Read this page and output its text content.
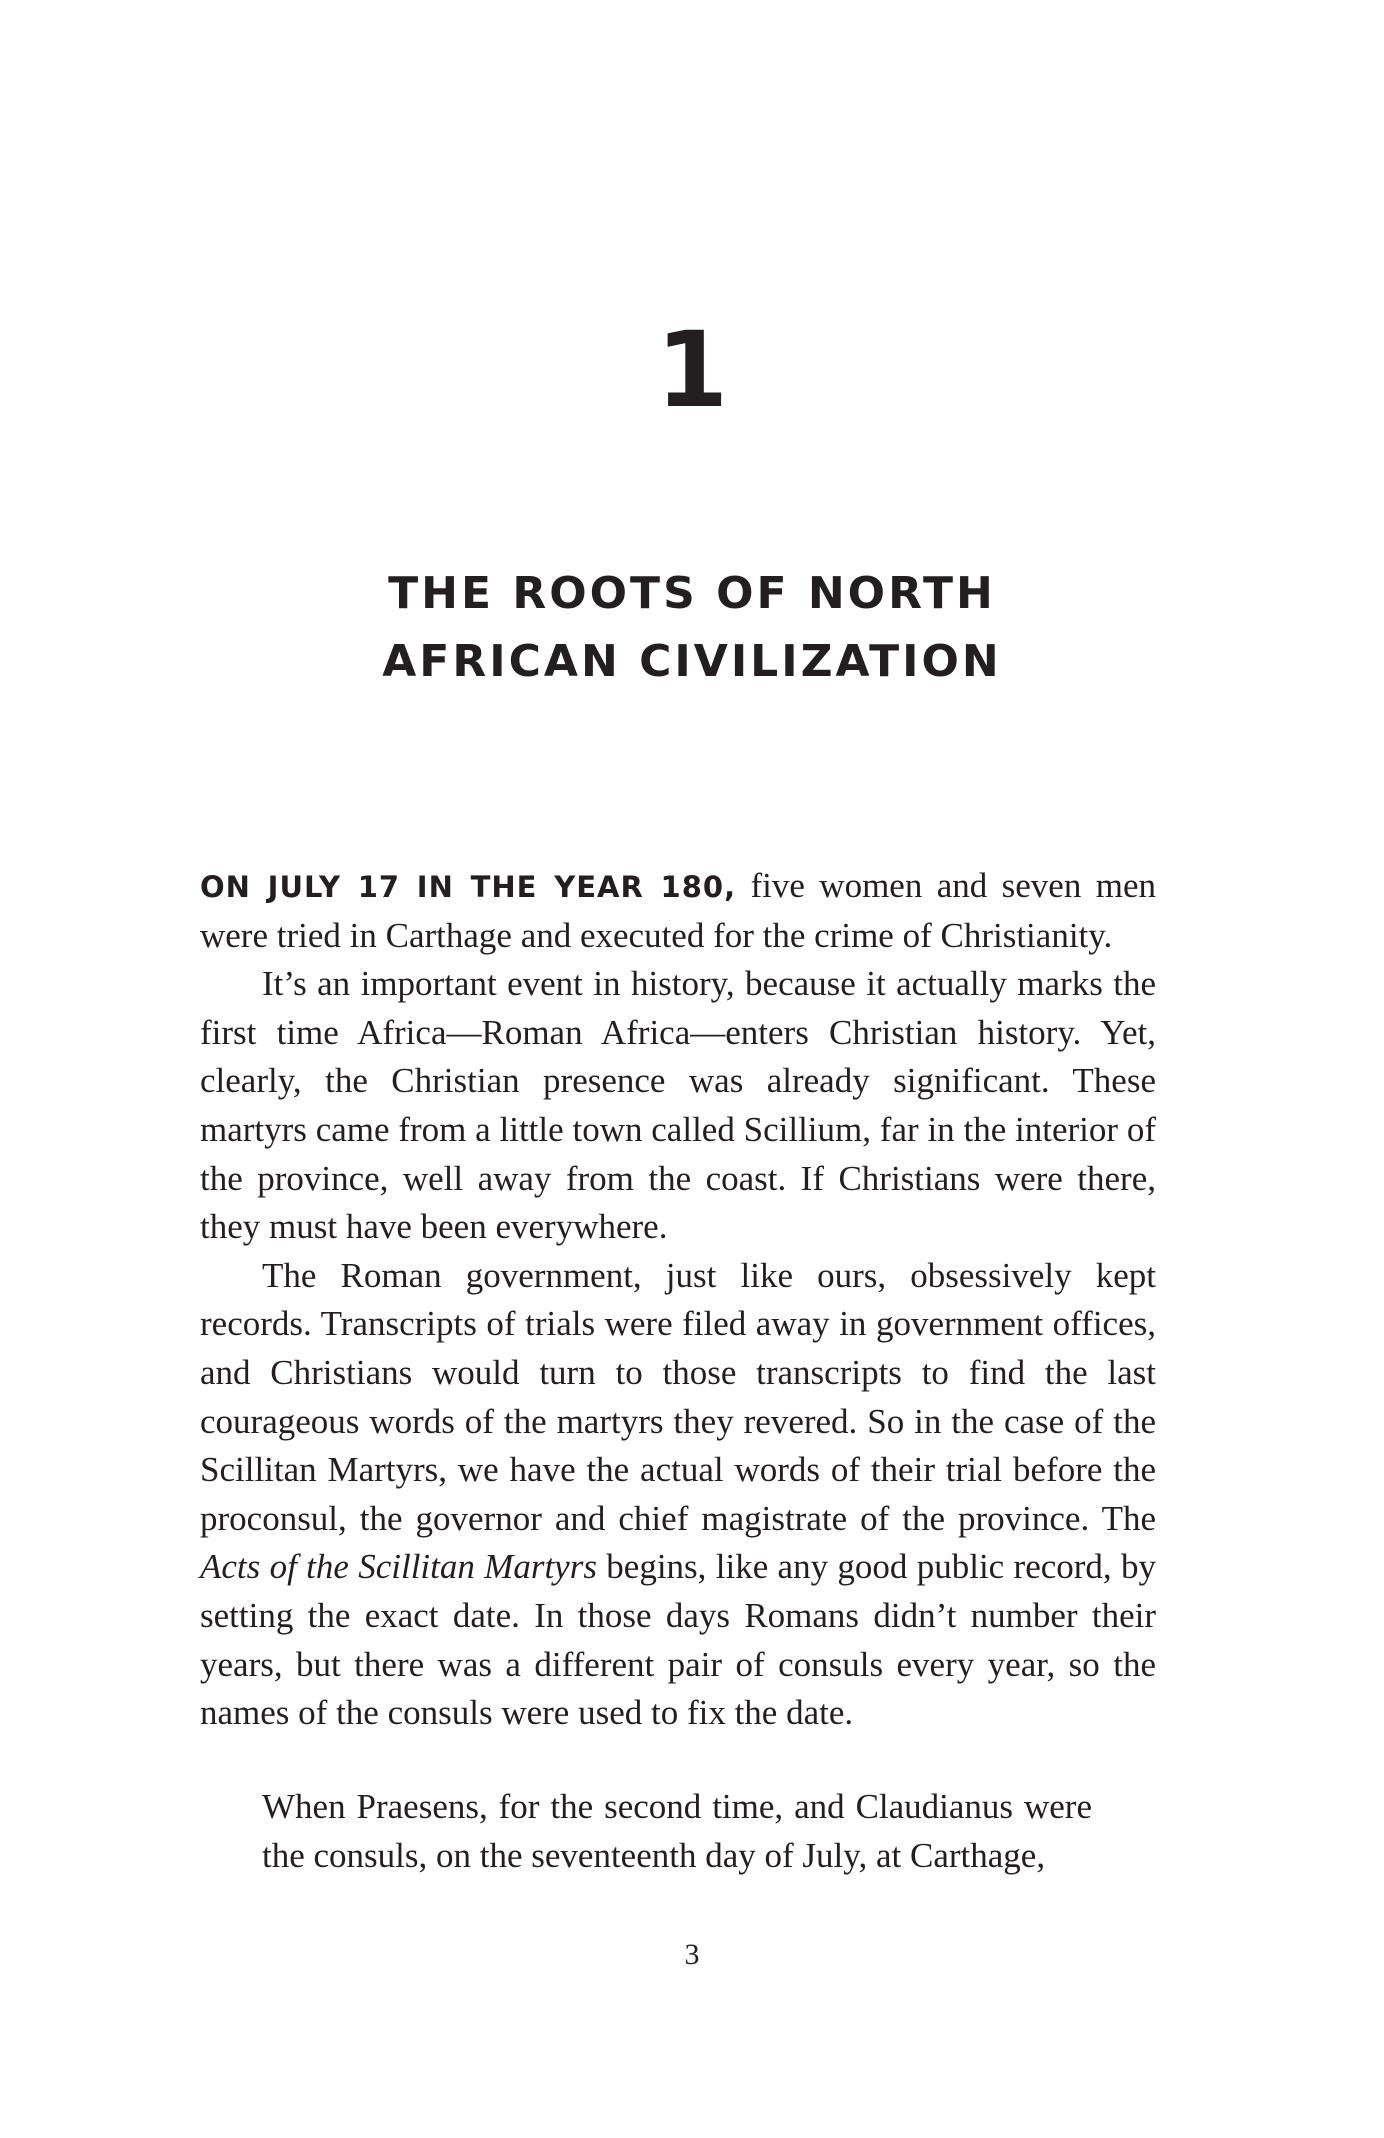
1
THE ROOTS OF NORTH
AFRICAN CIVILIZATION

ON JULY 17 IN THE YEAR 180, five women and seven men were tried in Carthage and executed for the crime of Christianity.

It’s an important event in history, because it actually marks the first time Africa—Roman Africa—enters Christian history. Yet, clearly, the Christian presence was already significant. These martyrs came from a little town called Scillium, far in the interior of the province, well away from the coast. If Christians were there, they must have been everywhere.

The Roman government, just like ours, obsessively kept records. Transcripts of trials were filed away in government offices, and Christians would turn to those transcripts to find the last courageous words of the martyrs they revered. So in the case of the Scillitan Martyrs, we have the actual words of their trial before the proconsul, the governor and chief magistrate of the province. The Acts of the Scillitan Martyrs begins, like any good public record, by setting the exact date. In those days Romans didn’t number their years, but there was a different pair of consuls every year, so the names of the consuls were used to fix the date.

When Praesens, for the second time, and Claudianus were the consuls, on the seventeenth day of July, at Carthage,

3
